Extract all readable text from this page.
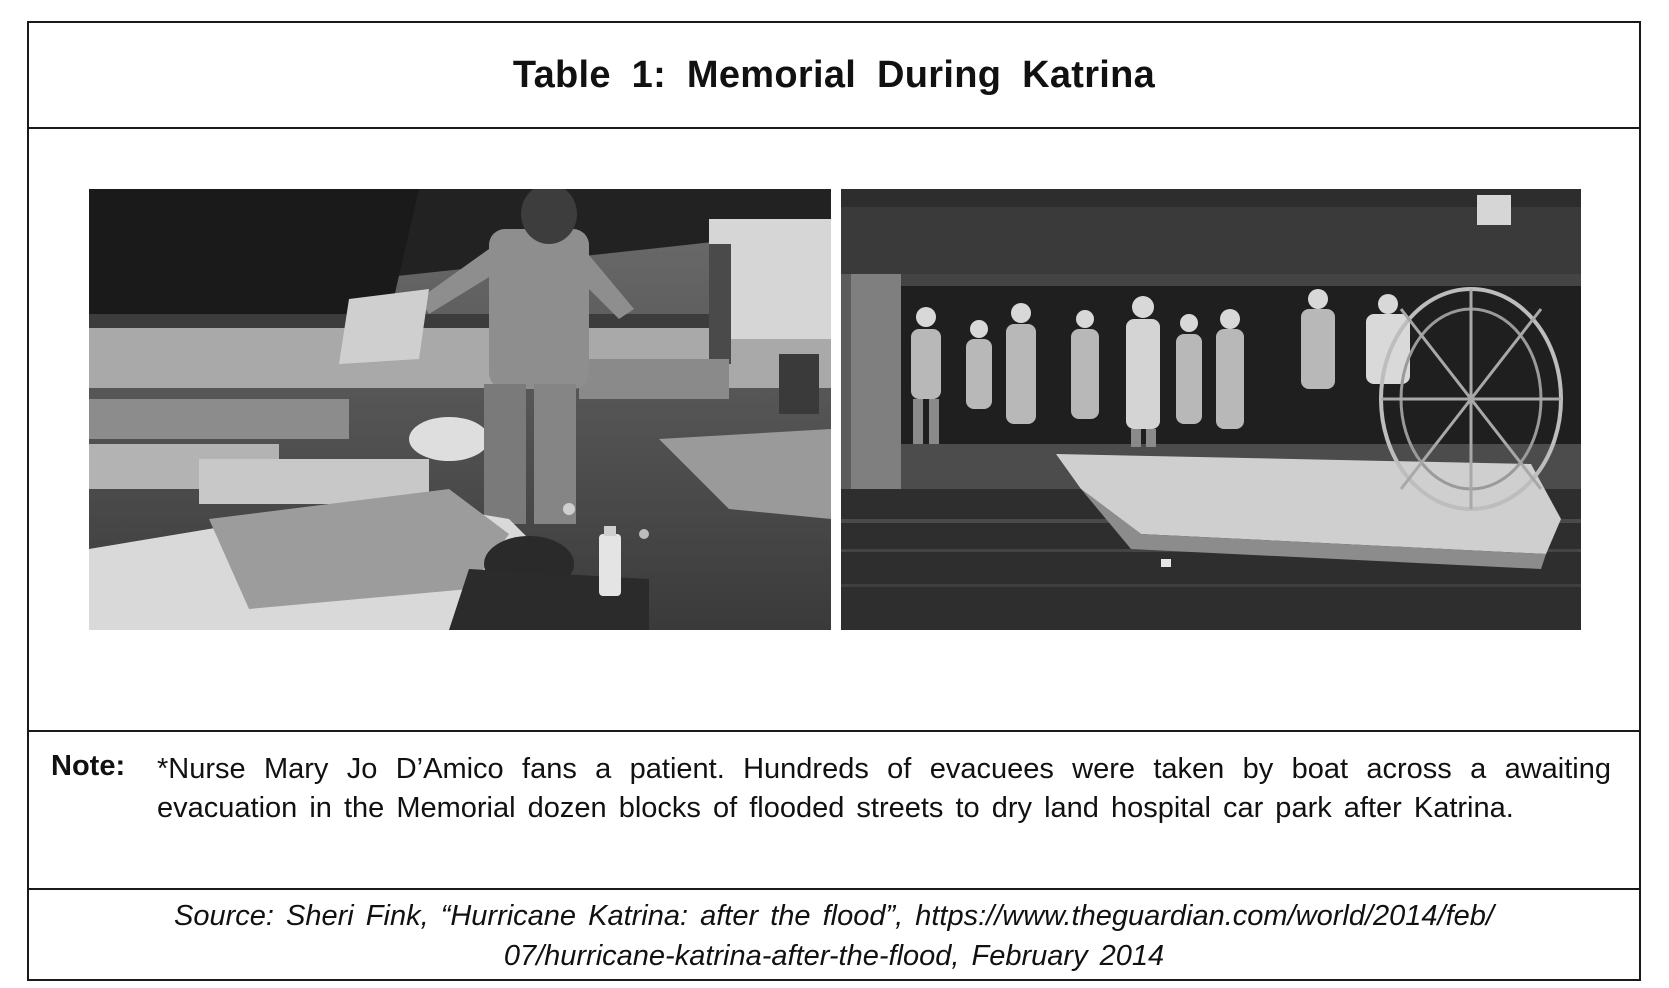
Table 1: Memorial During Katrina
Note: *Nurse Mary Jo D’Amico fans a patient. Hundreds of evacuees were taken by boat across a awaiting evacuation in the Memorial dozen blocks of flooded streets to dry land hospital car park after Katrina.
Source: Sheri Fink, “Hurricane Katrina: after the flood”, https://www.theguardian.com/world/2014/feb/
07/hurricane-katrina-after-the-flood, February 2014
